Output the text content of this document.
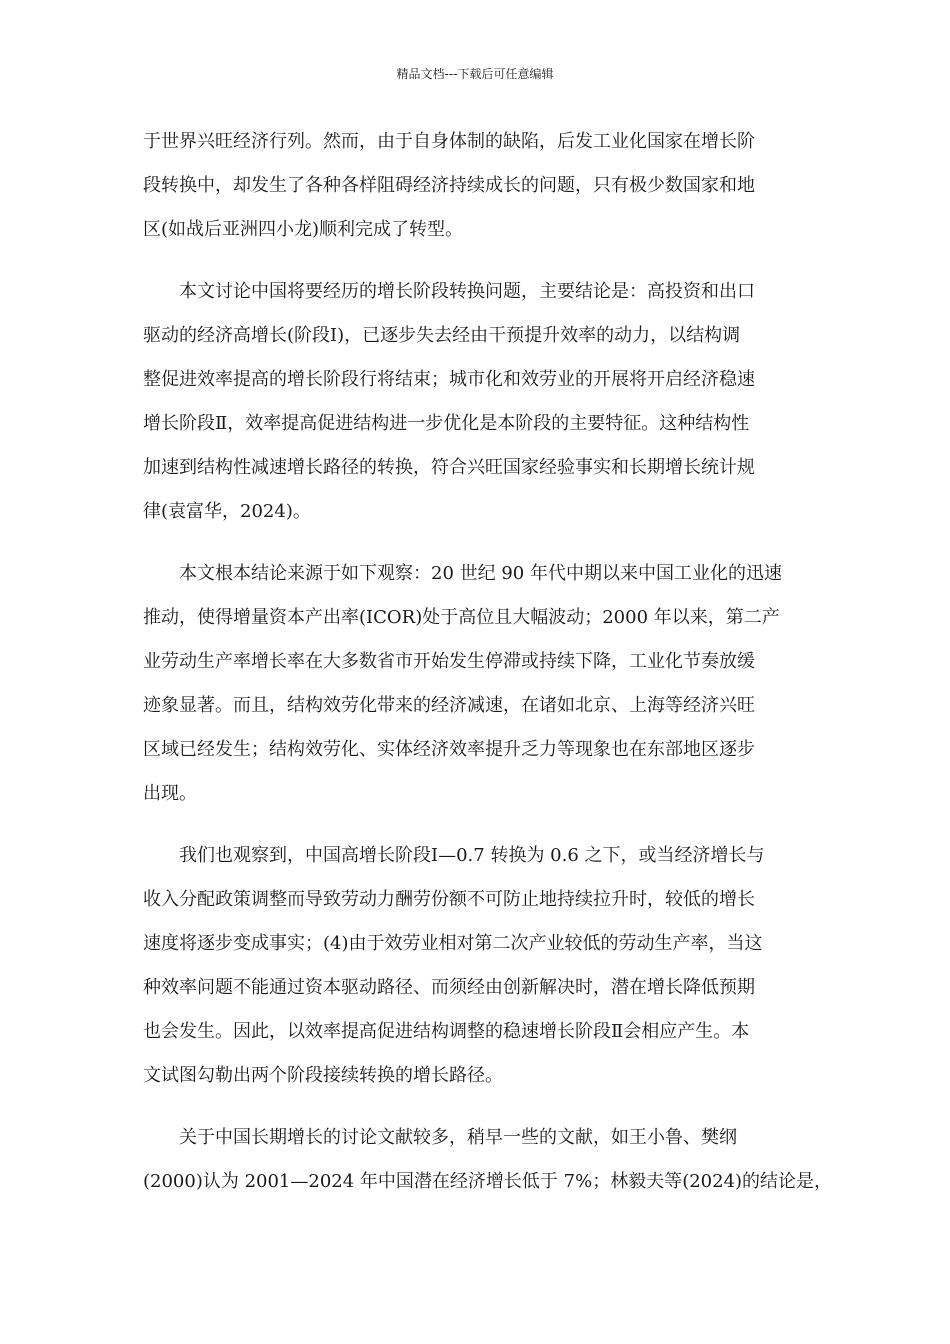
精品文档---下载后可任意编辑

于世界兴旺经济行列。然而，由于自身体制的缺陷，后发工业化国家在增长阶
段转换中，却发生了各种各样阻碍经济持续成长的问题，只有极少数国家和地
区(如战后亚洲四小龙)顺利完成了转型。

本文讨论中国将要经历的增长阶段转换问题，主要结论是：高投资和出口
驱动的经济高增长(阶段Ⅰ)，已逐步失去经由干预提升效率的动力，以结构调
整促进效率提高的增长阶段行将结束；城市化和效劳业的开展将开启经济稳速
增长阶段Ⅱ，效率提高促进结构进一步优化是本阶段的主要特征。这种结构性
加速到结构性减速增长路径的转换，符合兴旺国家经验事实和长期增长统计规
律(袁富华，2024)。

本文根本结论来源于如下观察：20 世纪 90 年代中期以来中国工业化的迅速
推动，使得增量资本产出率(ICOR)处于高位且大幅波动；2000 年以来，第二产
业劳动生产率增长率在大多数省市开始发生停滞或持续下降，工业化节奏放缓
迹象显著。而且，结构效劳化带来的经济减速，在诸如北京、上海等经济兴旺
区域已经发生；结构效劳化、实体经济效率提升乏力等现象也在东部地区逐步
出现。

我们也观察到，中国高增长阶段Ⅰ—0.7 转换为 0.6 之下，或当经济增长与
收入分配政策调整而导致劳动力酬劳份额不可防止地持续拉升时，较低的增长
速度将逐步变成事实；(4)由于效劳业相对第二次产业较低的劳动生产率，当这
种效率问题不能通过资本驱动路径、而须经由创新解决时，潜在增长降低预期
也会发生。因此，以效率提高促进结构调整的稳速增长阶段Ⅱ会相应产生。本
文试图勾勒出两个阶段接续转换的增长路径。

关于中国长期增长的讨论文献较多，稍早一些的文献，如王小鲁、樊纲
(2000)认为 2001—2024 年中国潜在经济增长低于 7%；林毅夫等(2024)的结论是，
